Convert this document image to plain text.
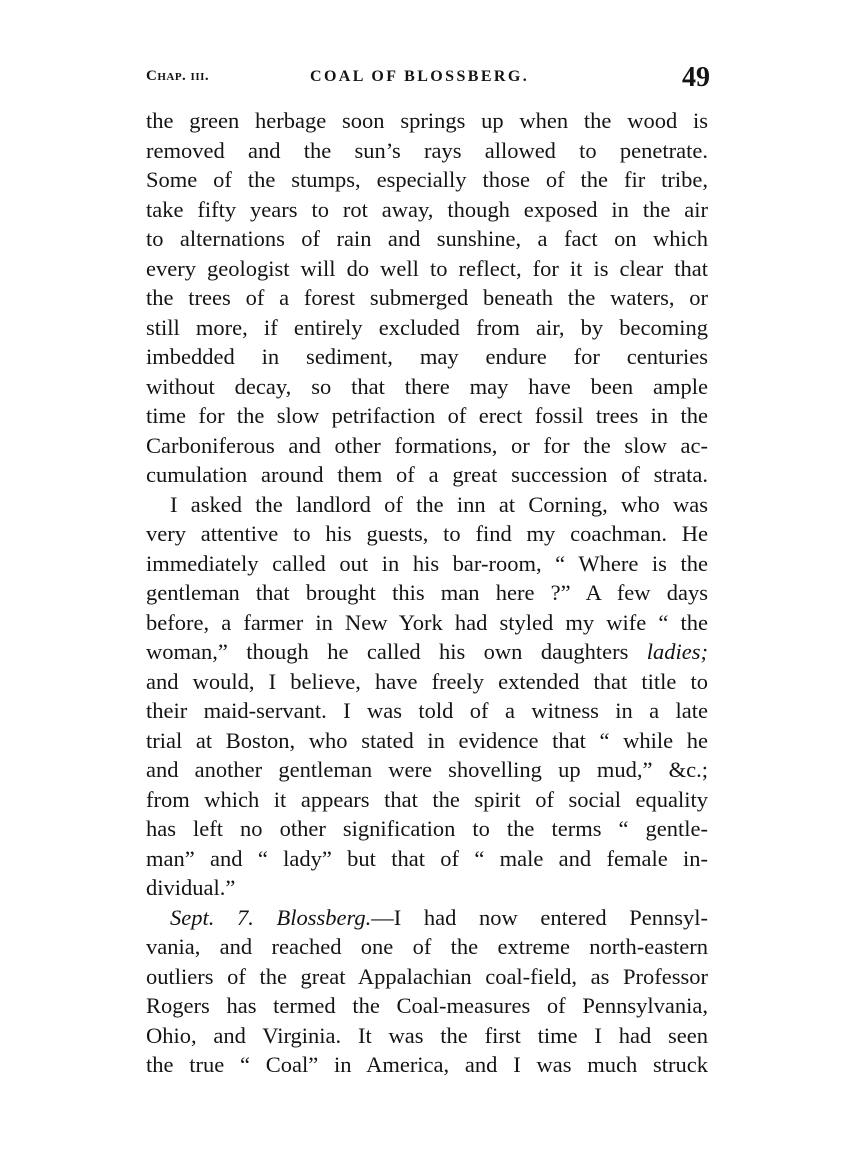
Chap. iii.	COAL OF BLOSSBERG.	49
the green herbage soon springs up when the wood is
removed and the sun’s rays allowed to penetrate.
Some of the stumps, especially those of the fir tribe,
take fifty years to rot away, though exposed in the air
to alternations of rain and sunshine, a fact on which
every geologist will do well to reflect, for it is clear that
the trees of a forest submerged beneath the waters, or
still more, if entirely excluded from air, by becoming
imbedded in sediment, may endure for centuries
without decay, so that there may have been ample
time for the slow petrifaction of erect fossil trees in the
Carboniferous and other formations, or for the slow ac-
cumulation around them of a great succession of strata.
I asked the landlord of the inn at Corning, who was
very attentive to his guests, to find my coachman. He
immediately called out in his bar-room, “ Where is the
gentleman that brought this man here ?” A few days
before, a farmer in New York had styled my wife “ the
woman,” though he called his own daughters ladies;
and would, I believe, have freely extended that title to
their maid-servant. I was told of a witness in a late
trial at Boston, who stated in evidence that “ while he
and another gentleman were shovelling up mud,” &c.;
from which it appears that the spirit of social equality
has left no other signification to the terms “ gentle-
man” and “ lady” but that of “ male and female in-
dividual.”
Sept. 7. Blossberg.—I had now entered Pennsyl-
vania, and reached one of the extreme north-eastern
outliers of the great Appalachian coal-field, as Professor
Rogers has termed the Coal-measures of Pennsylvania,
Ohio, and Virginia. It was the first time I had seen
the true “ Coal” in America, and I was much struck
